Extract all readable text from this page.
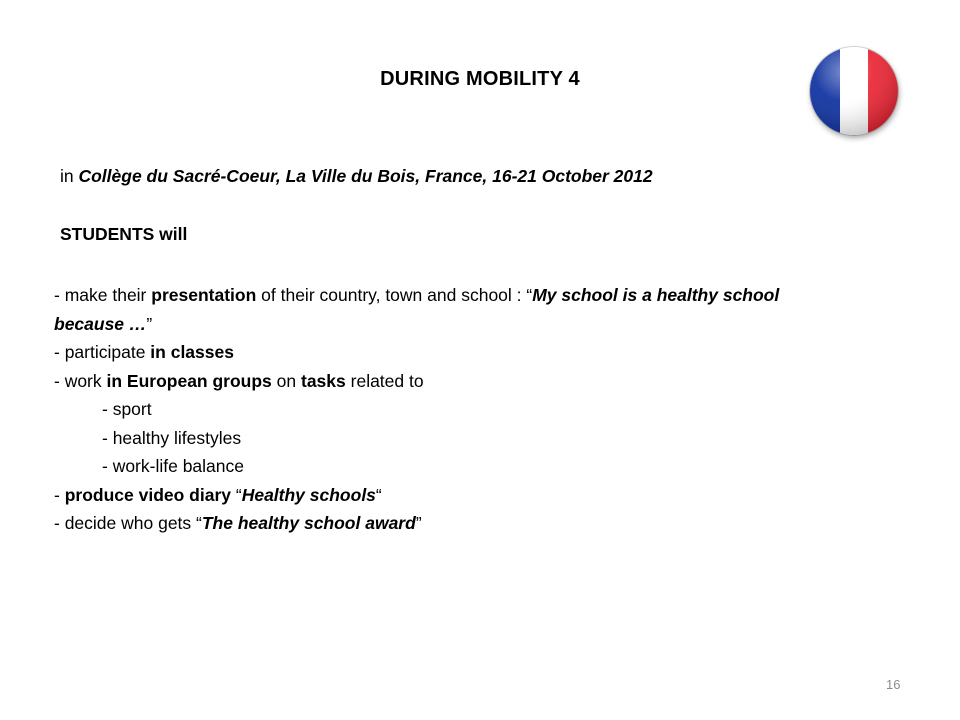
DURING MOBILITY 4
in Collège du Sacré-Coeur, La Ville du Bois, France, 16-21 October 2012
STUDENTS will
- make their presentation of their country, town and school : “My school is a healthy school
because …”
- participate in classes
- work in European groups on tasks related to
- sport
- healthy lifestyles
- work-life balance
- produce video diary “Healthy schools“
- decide who gets “The healthy school award”
16
